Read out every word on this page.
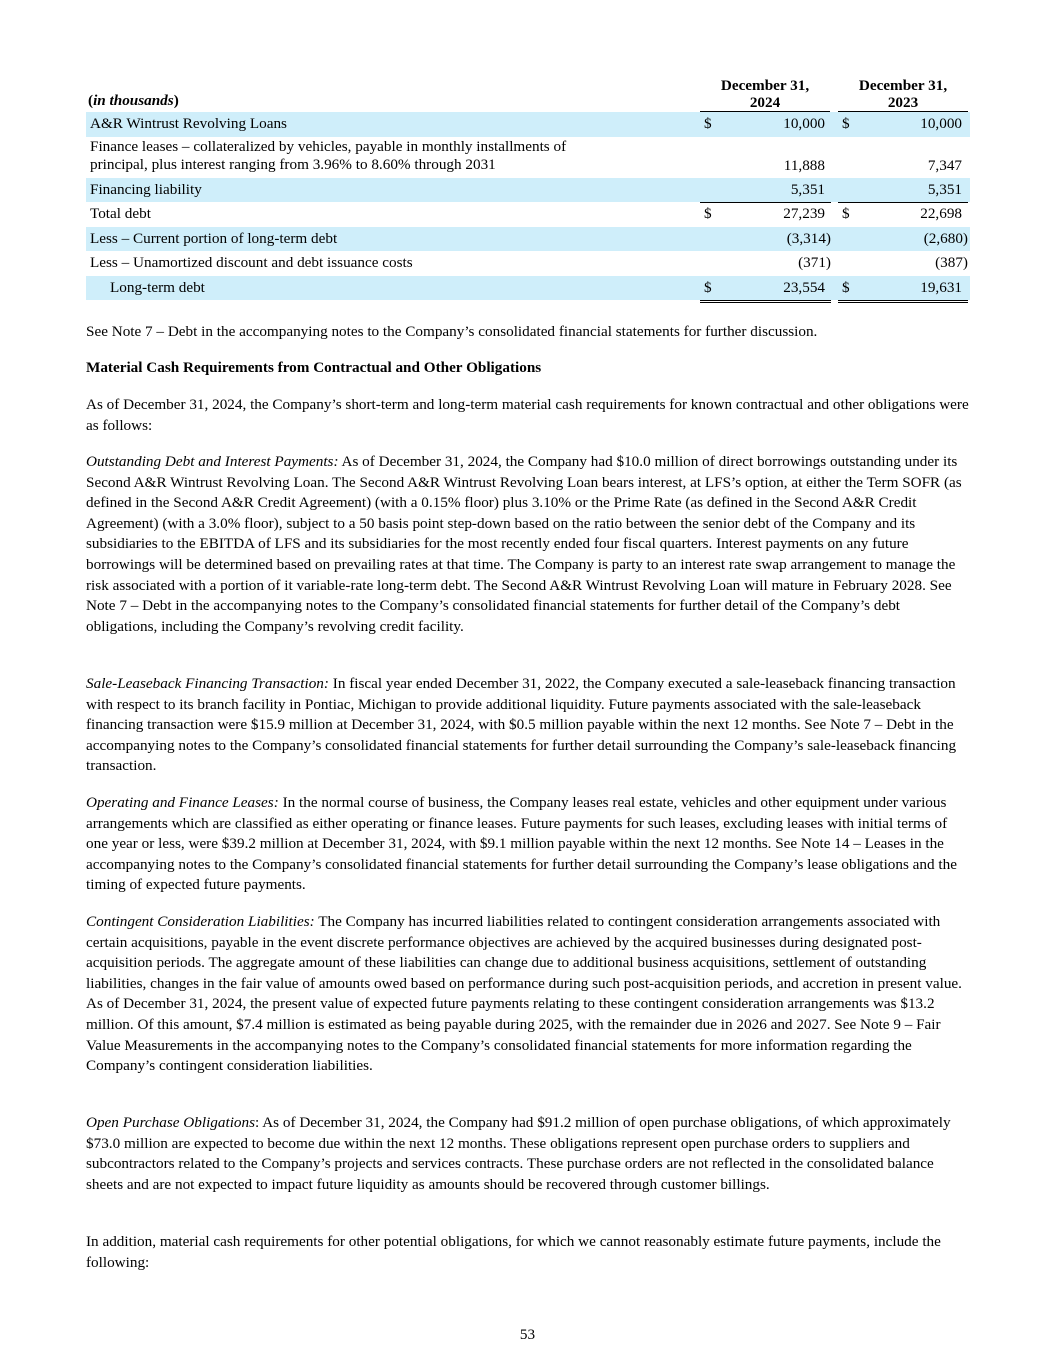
(in thousands)
December 31,
2024
December 31,
2023
A&R Wintrust Revolving Loans	$	10,000 $	10,000
Finance leases – collateralized by vehicles, payable in monthly installments of
principal, plus interest ranging from 3.96% to 8.60% through 2031	11,888	7,347
Financing liability	5,351	5,351
Total debt	$	27,239 $	22,698
Less – Current portion of long-term debt	(3,314)	(2,680)
Less – Unamortized discount and debt issuance costs	(371)	(387)
Long-term debt	$	23,554 $	19,631

See Note 7 – Debt in the accompanying notes to the Company’s consolidated financial statements for further discussion.

Material Cash Requirements from Contractual and Other Obligations

As of December 31, 2024, the Company’s short-term and long-term material cash requirements for known contractual and other obligations were as follows:

Outstanding Debt and Interest Payments: As of December 31, 2024, the Company had $10.0 million of direct borrowings outstanding under its Second A&R Wintrust Revolving Loan. The Second A&R Wintrust Revolving Loan bears interest, at LFS’s option, at either the Term SOFR (as defined in the Second A&R Credit Agreement) (with a 0.15% floor) plus 3.10% or the Prime Rate (as defined in the Second A&R Credit Agreement) (with a 3.0% floor), subject to a 50 basis point step-down based on the ratio between the senior debt of the Company and its subsidiaries to the EBITDA of LFS and its subsidiaries for the most recently ended four fiscal quarters. Interest payments on any future borrowings will be determined based on prevailing rates at that time. The Company is party to an interest rate swap arrangement to manage the risk associated with a portion of it variable-rate long-term debt. The Second A&R Wintrust Revolving Loan will mature in February 2028. See Note 7 – Debt in the accompanying notes to the Company’s consolidated financial statements for further detail of the Company’s debt obligations, including the Company’s revolving credit facility.

Sale-Leaseback Financing Transaction: In fiscal year ended December 31, 2022, the Company executed a sale-leaseback financing transaction with respect to its branch facility in Pontiac, Michigan to provide additional liquidity. Future payments associated with the sale-leaseback financing transaction were $15.9 million at December 31, 2024, with $0.5 million payable within the next 12 months. See Note 7 – Debt in the accompanying notes to the Company’s consolidated financial statements for further detail surrounding the Company’s sale-leaseback financing transaction.

Operating and Finance Leases: In the normal course of business, the Company leases real estate, vehicles and other equipment under various arrangements which are classified as either operating or finance leases. Future payments for such leases, excluding leases with initial terms of one year or less, were $39.2 million at December 31, 2024, with $9.1 million payable within the next 12 months. See Note 14 – Leases in the accompanying notes to the Company’s consolidated financial statements for further detail surrounding the Company’s lease obligations and the timing of expected future payments.

Contingent Consideration Liabilities: The Company has incurred liabilities related to contingent consideration arrangements associated with certain acquisitions, payable in the event discrete performance objectives are achieved by the acquired businesses during designated post-acquisition periods. The aggregate amount of these liabilities can change due to additional business acquisitions, settlement of outstanding liabilities, changes in the fair value of amounts owed based on performance during such post-acquisition periods, and accretion in present value. As of December 31, 2024, the present value of expected future payments relating to these contingent consideration arrangements was $13.2 million. Of this amount, $7.4 million is estimated as being payable during 2025, with the remainder due in 2026 and 2027. See Note 9 – Fair Value Measurements in the accompanying notes to the Company’s consolidated financial statements for more information regarding the Company’s contingent consideration liabilities.

Open Purchase Obligations: As of December 31, 2024, the Company had $91.2 million of open purchase obligations, of which approximately $73.0 million are expected to become due within the next 12 months. These obligations represent open purchase orders to suppliers and subcontractors related to the Company’s projects and services contracts. These purchase orders are not reflected in the consolidated balance sheets and are not expected to impact future liquidity as amounts should be recovered through customer billings.

In addition, material cash requirements for other potential obligations, for which we cannot reasonably estimate future payments, include the following:

53
